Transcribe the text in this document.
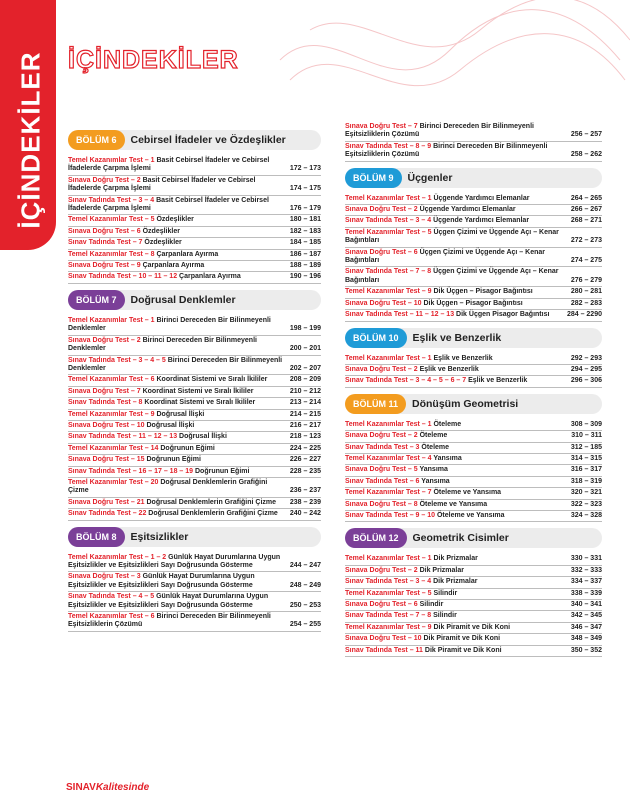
İÇİNDEKİLER İÇİNDEKİLER
BÖLÜM 6	Cebirsel İfadeler ve Özdeşlikler
Temel Kazanımlar Test – 1 Basit Cebirsel İfadeler ve Cebirsel İfadelerde Çarpma İşlemi	172 – 173
Sınava Doğru Test – 2 Basit Cebirsel İfadeler ve Cebirsel İfadelerde Çarpma İşlemi	174 – 175
Sınav Tadında Test – 3 – 4 Basit Cebirsel İfadeler ve Cebirsel İfadelerde Çarpma İşlemi	176 – 179
Temel Kazanımlar Test – 5 Özdeşlikler	180 – 181
Sınava Doğru Test – 6 Özdeşlikler	182 – 183
Sınav Tadında Test – 7 Özdeşlikler	184 – 185
Temel Kazanımlar Test – 8 Çarpanlara Ayırma	186 – 187
Sınava Doğru Test – 9 Çarpanlara Ayırma	188 – 189
Sınav Tadında Test – 10 – 11 – 12 Çarpanlara Ayırma	190 – 196
BÖLÜM 7	Doğrusal Denklemler
Temel Kazanımlar Test – 1 Birinci Dereceden Bir Bilinmeyenli Denklemler	198 – 199
Sınava Doğru Test – 2 Birinci Dereceden Bir Bilinmeyenli Denklemler	200 – 201
Sınav Tadında Test – 3 – 4 – 5 Birinci Dereceden Bir Bilinmeyenli Denklemler	202 – 207
Temel Kazanımlar Test – 6 Koordinat Sistemi ve Sıralı İkililer	208 – 209
Sınava Doğru Test – 7 Koordinat Sistemi ve Sıralı İkililer	210 – 212
Sınav Tadında Test – 8 Koordinat Sistemi ve Sıralı İkililer	213 – 214
Temel Kazanımlar Test – 9 Doğrusal İlişki	214 – 215
Sınava Doğru Test – 10 Doğrusal İlişki	216 – 217
Sınav Tadında Test – 11 – 12 – 13 Doğrusal İlişki	218 – 123
Temel Kazanımlar Test – 14 Doğrunun Eğimi	224 – 225
Sınava Doğru Test – 15 Doğrunun Eğimi	226 – 227
Sınav Tadında Test – 16 – 17 – 18 – 19 Doğrunun Eğimi	228 – 235
Temel Kazanımlar Test – 20 Doğrusal Denklemlerin Grafiğini Çizme	236 – 237
Sınava Doğru Test – 21 Doğrusal Denklemlerin Grafiğini Çizme	238 – 239
Sınav Tadında Test – 22 Doğrusal Denklemlerin Grafiğini Çizme	240 – 242
BÖLÜM 8	Eşitsizlikler
Temel Kazanımlar Test – 1 – 2 Günlük Hayat Durumlarına Uygun Eşitsizlikler ve Eşitsizlikleri Sayı Doğrusunda Gösterme	244 – 247
Sınava Doğru Test – 3 Günlük Hayat Durumlarına Uygun Eşitsizlikler ve Eşitsizlikleri Sayı Doğrusunda Gösterme	248 – 249
Sınav Tadında Test – 4 – 5 Günlük Hayat Durumlarına Uygun Eşitsizlikler ve Eşitsizlikleri Sayı Doğrusunda Gösterme	250 – 253
Temel Kazanımlar Test – 6 Birinci Dereceden Bir Bilinmeyenli Eşitsizliklerin Çözümü	254 – 255
Sınava Doğru Test – 7 Birinci Dereceden Bir Bilinmeyenli Eşitsizliklerin Çözümü	256 – 257
Sınav Tadında Test – 8 – 9 Birinci Dereceden Bir Bilinmeyenli Eşitsizliklerin Çözümü	258 – 262
BÖLÜM 9	Üçgenler
Temel Kazanımlar Test – 1 Üçgende Yardımcı Elemanlar	264 – 265
Sınava Doğru Test – 2 Üçgende Yardımcı Elemanlar	266 – 267
Sınav Tadında Test – 3 – 4 Üçgende Yardımcı Elemanlar	268 – 271
Temel Kazanımlar Test – 5 Üçgen Çizimi ve Üçgende Açı – Kenar Bağıntıları	272 – 273
Sınava Doğru Test – 6 Üçgen Çizimi ve Üçgende Açı – Kenar Bağıntıları	274 – 275
Sınav Tadında Test – 7 – 8 Üçgen Çizimi ve Üçgende Açı – Kenar Bağıntıları	276 – 279
Temel Kazanımlar Test – 9 Dik Üçgen – Pisagor Bağıntısı	280 – 281
Sınava Doğru Test – 10 Dik Üçgen – Pisagor Bağıntısı	282 – 283
Sınav Tadında Test – 11 – 12 – 13 Dik Üçgen Pisagor Bağıntısı	284 – 2290
BÖLÜM 10	Eşlik ve Benzerlik
Temel Kazanımlar Test – 1 Eşlik ve Benzerlik	292 – 293
Sınava Doğru Test – 2 Eşlik ve Benzerlik	294 – 295
Sınav Tadında Test – 3 – 4 – 5 – 6 – 7 Eşlik ve Benzerlik	296 – 306
BÖLÜM 11	Dönüşüm Geometrisi
Temel Kazanımlar Test – 1 Öteleme	308 – 309
Sınava Doğru Test – 2 Öteleme	310 – 311
Sınav Tadında Test – 3 Öteleme	312 – 185
Temel Kazanımlar Test – 4 Yansıma	314 – 315
Sınava Doğru Test – 5 Yansıma	316 – 317
Sınav Tadında Test – 6 Yansıma	318 – 319
Temel Kazanımlar Test – 7 Öteleme ve Yansıma	320 – 321
Sınava Doğru Test – 8 Öteleme ve Yansıma	322 – 323
Sınav Tadında Test – 9 – 10 Öteleme ve Yansıma	324 – 328
BÖLÜM 12	Geometrik Cisimler
Temel Kazanımlar Test – 1 Dik Prizmalar	330 – 331
Sınava Doğru Test – 2 Dik Prizmalar	332 – 333
Sınav Tadında Test – 3 – 4 Dik Prizmalar	334 – 337
Temel Kazanımlar Test – 5 Silindir	338 – 339
Sınava Doğru Test – 6 Silindir	340 – 341
Sınav Tadında Test – 7 – 8 Silindir	342 – 345
Temel Kazanımlar Test – 9 Dik Piramit ve Dik Koni	346 – 347
Sınava Doğru Test – 10 Dik Piramit ve Dik Koni	348 – 349
Sınav Tadında Test – 11 Dik Piramit ve Dik Koni	350 – 352
SINAVKalitesinde
